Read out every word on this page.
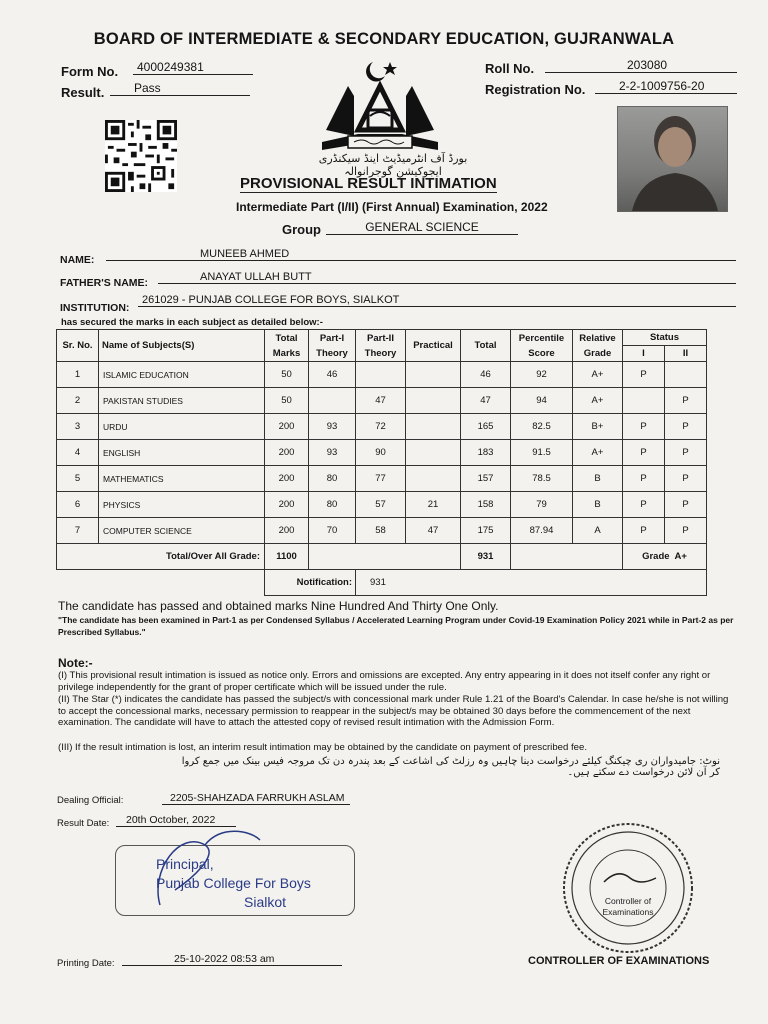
BOARD OF INTERMEDIATE & SECONDARY EDUCATION, GUJRANWALA
Form No.	4000249381
Result.	Pass
Roll No.	203080
Registration No.	2-2-1009756-20
بورڈ آف انٹرمیڈیٹ اینڈ سیکنڈری ایجوکیشن گوجرانوالہ
PROVISIONAL RESULT INTIMATION
Intermediate Part (I/II) (First Annual) Examination, 2022
Group	GENERAL SCIENCE
NAME:	MUNEEB AHMED
FATHER'S NAME:	ANAYAT ULLAH BUTT
INSTITUTION:
261029 - PUNJAB COLLEGE FOR BOYS, SIALKOT
has secured the marks in each subject as detailed below:-
Sr. No.	Name of Subjects(S)	Total Marks	Part-I Theory	Part-II Theory	Practical	Total	Percentile Score	Relative Grade	Status	
									I	II
1	ISLAMIC EDUCATION	50	46			46	92	A+	P	
2	PAKISTAN STUDIES	50		47		47	94	A+		P
3	URDU	200	93	72		165	82.5	B+	P	P
4	ENGLISH	200	93	90		183	91.5	A+	P	P
5	MATHEMATICS	200	80	77		157	78.5	B	P	P
6	PHYSICS	200	80	57	21	158	79	B	P	P
7	COMPUTER SCIENCE	200	70	58	47	175	87.94	A	P	P
Total/Over All Grade:		1100				931			Grade A+	
		Notification:		931						
The candidate has passed and obtained marks Nine Hundred And Thirty One Only.
"The candidate has been examined in Part-1 as per Condensed Syllabus / Accelerated Learning Program under Covid-19 Examination Policy 2021 while in Part-2 as per Prescribed Syllabus."
Note:-
(I) This provisional result intimation is issued as notice only. Errors and omissions are excepted. Any entry appearing in it does not itself confer any right or privilege independently for the grant of proper certificate which will be issued under the rule.
(II) The Star (*) indicates the candidate has passed the subject/s with concessional mark under Rule 1.21 of the Board's Calendar. In case he/she is not willing to accept the concessional marks, necessary permission to reappear in the subject/s may be obtained 30 days before the commencement of the next examination. The candidate will have to attach the attested copy of revised result intimation with the Admission Form.
(III) If the result intimation is lost, an interim result intimation may be obtained by the candidate on payment of prescribed fee.
نوٹ: جامیدواران ری چیکنگ کیلئے درخواست دینا چاہیں وہ رزلٹ کی اشاعت کے بعد پندرہ دن تک مروجہ فیس بینک میں جمع کروا کر آن لائن درخواست دے سکتے ہیں۔
Dealing Official:	2205-SHAHZADA FARRUKH ASLAM
Result Date:	20th October, 2022
Principal,
Punjab College For Boys
Sialkot
Printing Date:	25-10-2022 08:53 am
Controller of
Examinations
CONTROLLER OF EXAMINATIONS
